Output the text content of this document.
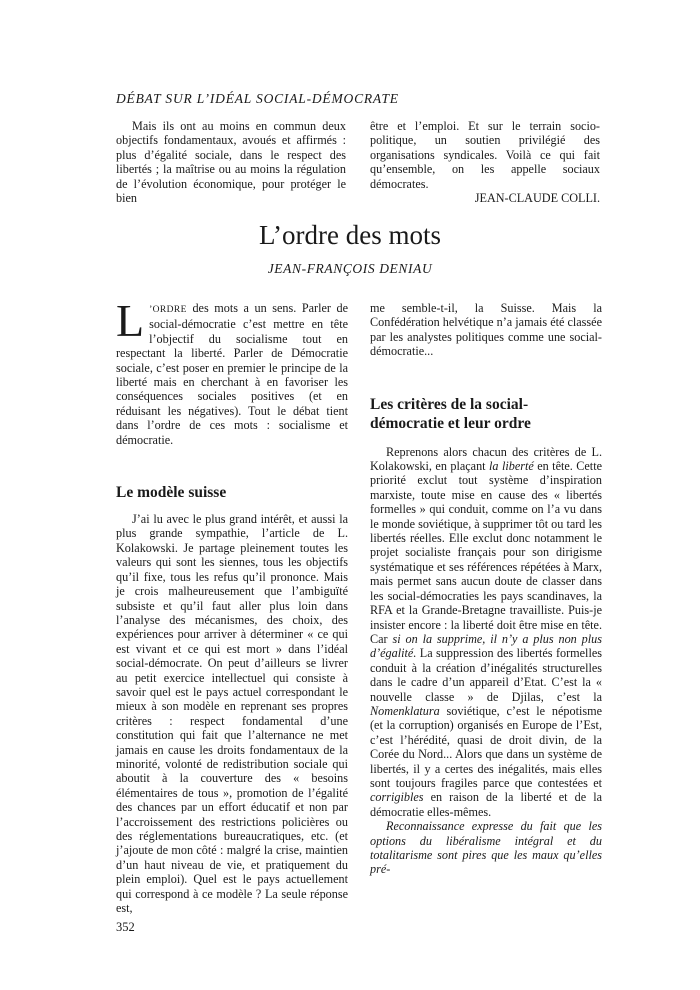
DÉBAT SUR L’IDÉAL SOCIAL-DÉMOCRATE

Mais ils ont au moins en commun deux objectifs fondamentaux, avoués et affirmés : plus d’égalité sociale, dans le respect des libertés ; la maîtrise ou au moins la régulation de l’évolution économique, pour protéger le bien

être et l’emploi. Et sur le terrain socio-politique, un soutien privilégié des organisations syndicales. Voilà ce qui fait qu’ensemble, on les appelle sociaux démocrates.

JEAN-CLAUDE COLLI.

L’ordre des mots
JEAN-FRANÇOIS DENIAU

L ’ORDRE des mots a un sens. Parler de social-démocratie c’est mettre en tête l’objectif du socialisme tout en respectant la liberté. Parler de Démocratie sociale, c’est poser en premier le principe de la liberté mais en cherchant à en favoriser les conséquences sociales positives (et en réduisant les négatives). Tout le débat tient dans l’ordre de ces mots : socialisme et démocratie.

Le modèle suisse

J’ai lu avec le plus grand intérêt, et aussi la plus grande sympathie, l’article de L. Kolakowski. Je partage pleinement toutes les valeurs qui sont les siennes, tous les objectifs qu’il fixe, tous les refus qu’il prononce. Mais je crois malheureusement que l’ambiguïté subsiste et qu’il faut aller plus loin dans l’analyse des mécanismes, des choix, des expériences pour arriver à déterminer « ce qui est vivant et ce qui est mort » dans l’idéal social-démocrate. On peut d’ailleurs se livrer au petit exercice intellectuel qui consiste à savoir quel est le pays actuel correspondant le mieux à son modèle en reprenant ses propres critères : respect fondamental d’une constitution qui fait que l’alternance ne met jamais en cause les droits fondamentaux de la minorité, volonté de redistribution sociale qui aboutit à la couverture des « besoins élémentaires de tous », promotion de l’égalité des chances par un effort éducatif et non par l’accroissement des restrictions policières ou des réglementations bureaucratiques, etc. (et j’ajoute de mon côté : malgré la crise, maintien d’un haut niveau de vie, et pratiquement du plein emploi). Quel est le pays actuellement qui correspond à ce modèle ? La seule réponse est,

me semble-t-il, la Suisse. Mais la Confédération helvétique n’a jamais été classée par les analystes politiques comme une social-démocratie...

Les critères de la social-démocratie et leur ordre

Reprenons alors chacun des critères de L. Kolakowski, en plaçant la liberté en tête. Cette priorité exclut tout système d’inspiration marxiste, toute mise en cause des « libertés formelles » qui conduit, comme on l’a vu dans le monde soviétique, à supprimer tôt ou tard les libertés réelles. Elle exclut donc notamment le projet socialiste français pour son dirigisme systématique et ses références répétées à Marx, mais permet sans aucun doute de classer dans les social-démocraties les pays scandinaves, la RFA et la Grande-Bretagne travailliste. Puis-je insister encore : la liberté doit être mise en tête. Car si on la supprime, il n’y a plus non plus d’égalité. La suppression des libertés formelles conduit à la création d’inégalités structurelles dans le cadre d’un appareil d’Etat. C’est la « nouvelle classe » de Djilas, c’est la Nomenklatura soviétique, c’est le népotisme (et la corruption) organisés en Europe de l’Est, c’est l’hérédité, quasi de droit divin, de la Corée du Nord... Alors que dans un système de libertés, il y a certes des inégalités, mais elles sont toujours fragiles parce que contestées et corrigibles en raison de la liberté et de la démocratie elles-mêmes.

Reconnaissance expresse du fait que les options du libéralisme intégral et du totalitarisme sont pires que les maux qu’elles pré-

352
